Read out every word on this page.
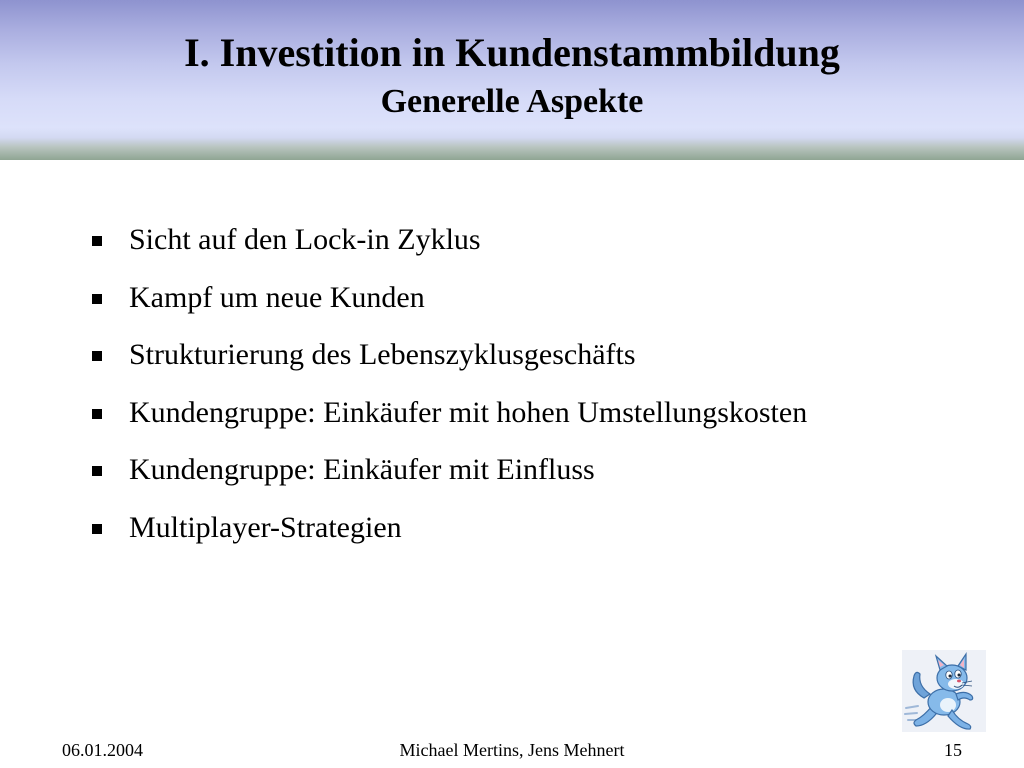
I. Investition in Kundenstammbildung
Generelle Aspekte
Sicht auf den Lock-in Zyklus
Kampf um neue Kunden
Strukturierung des Lebenszyklusgeschäfts
Kundengruppe: Einkäufer mit hohen Umstellungskosten
Kundengruppe: Einkäufer mit Einfluss
Multiplayer-Strategien
06.01.2004	Michael Mertins, Jens Mehnert	15
